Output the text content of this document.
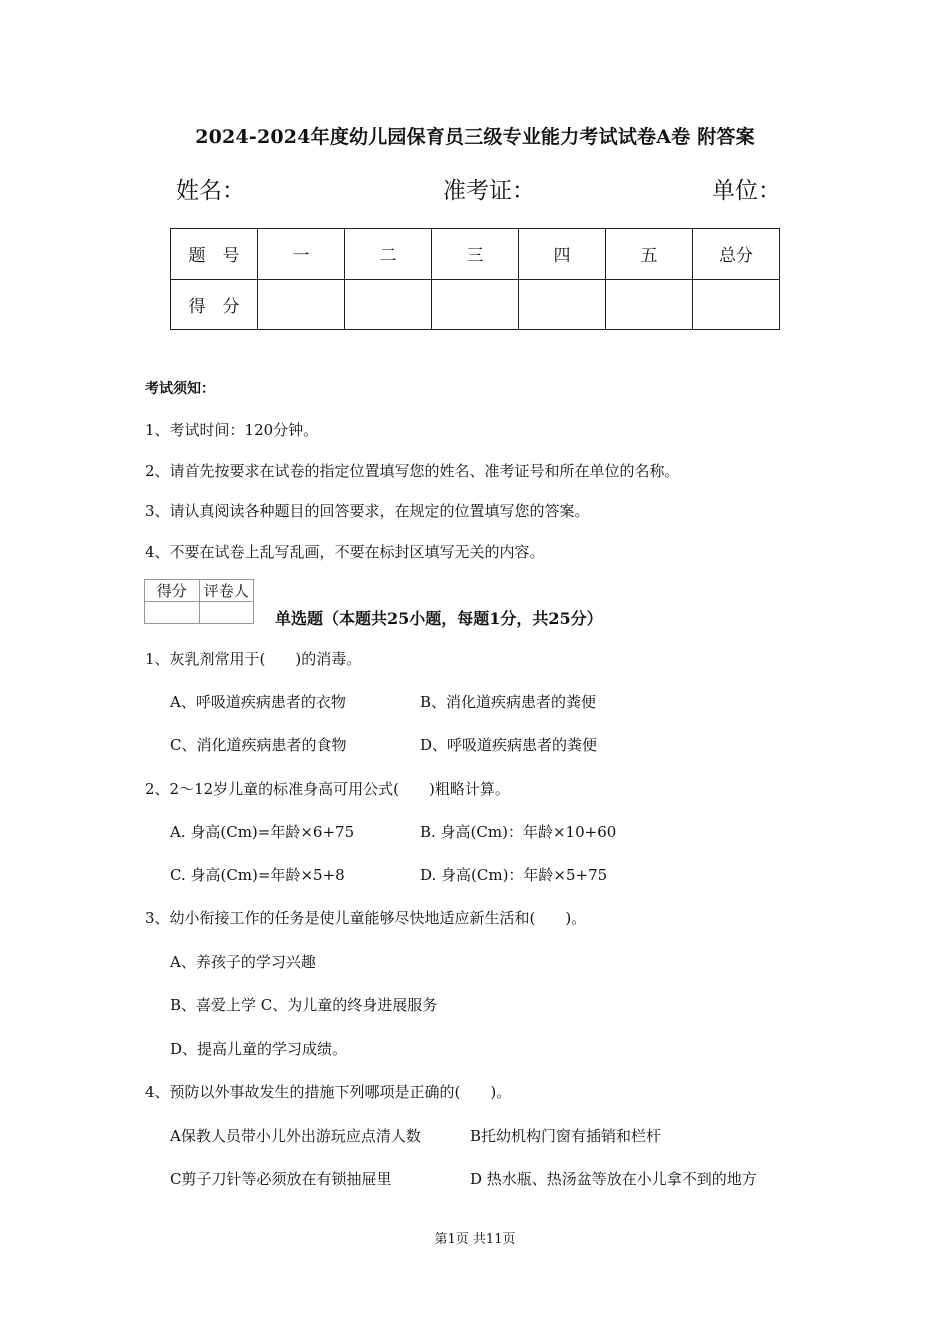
2024-2024年度幼儿园保育员三级专业能力考试试卷A卷 附答案
姓名：	准考证：	单位：
题　号	一	二	三	四	五	总分
得　分						
考试须知：
1、考试时间：120分钟。
2、请首先按要求在试卷的指定位置填写您的姓名、准考证号和所在单位的名称。
3、请认真阅读各种题目的回答要求，在规定的位置填写您的答案。
4、不要在试卷上乱写乱画，不要在标封区填写无关的内容。
得分	评卷人

单选题（本题共25小题，每题1分，共25分）
1、灰乳剂常用于(　　)的消毒。
A、呼吸道疾病患者的衣物	B、消化道疾病患者的粪便
C、消化道疾病患者的食物	D、呼吸道疾病患者的粪便
2、2～12岁儿童的标准身高可用公式(　　)粗略计算。
A. 身高(Cm)=年龄×6+75	B. 身高(Cm)：年龄×10+60
C. 身高(Cm)=年龄×5+8	D. 身高(Cm)：年龄×5+75
3、幼小衔接工作的任务是使儿童能够尽快地适应新生活和(　　)。
A、养孩子的学习兴趣
B、喜爱上学 C、为儿童的终身进展服务
D、提高儿童的学习成绩。
4、预防以外事故发生的措施下列哪项是正确的(　　)。
A保教人员带小儿外出游玩应点清人数	B托幼机构门窗有插销和栏杆
C剪子刀针等必须放在有锁抽屉里	D 热水瓶、热汤盆等放在小儿拿不到的地方
第1页 共11页
